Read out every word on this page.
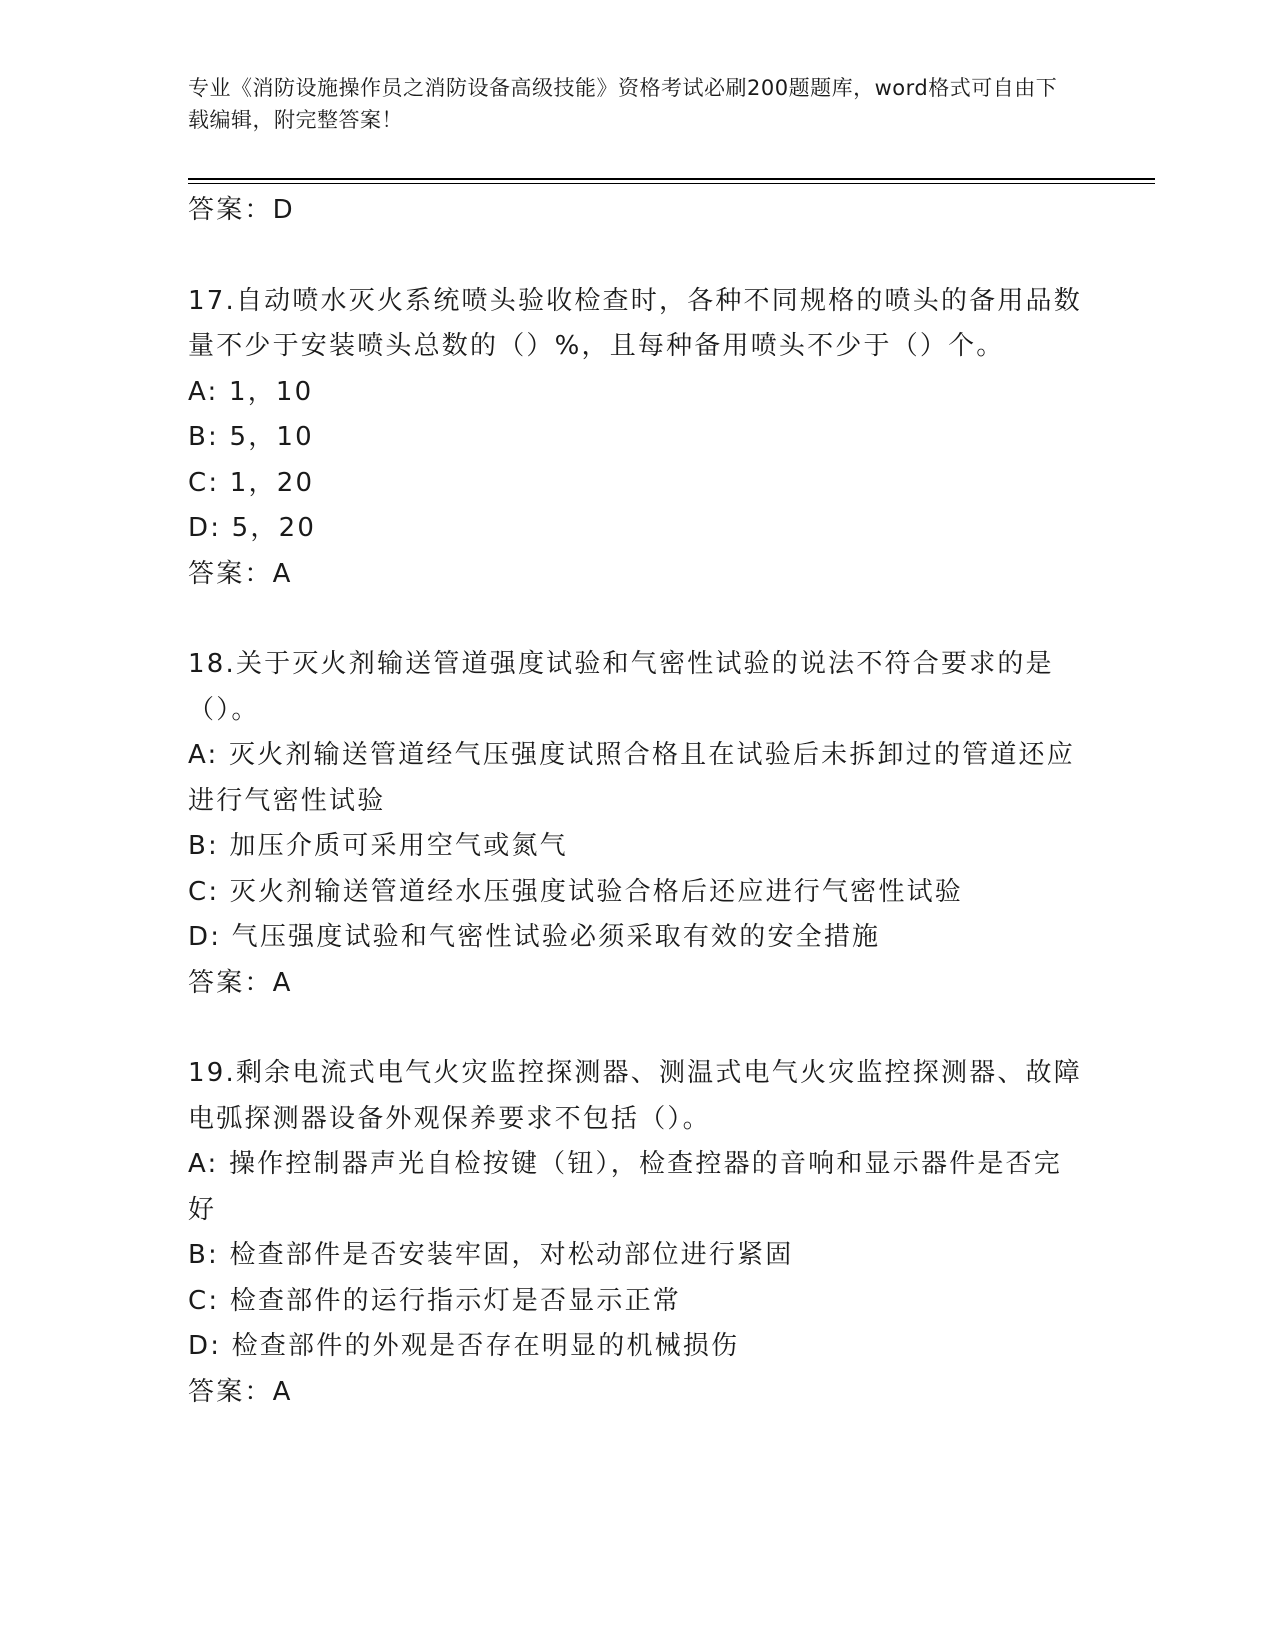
专业《消防设施操作员之消防设备高级技能》资格考试必刷200题题库，word格式可自由下载编辑，附完整答案！
答案：D
17.自动喷水灭火系统喷头验收检查时，各种不同规格的喷头的备用品数量不少于安装喷头总数的（）%，且每种备用喷头不少于（）个。
A: 1，10
B: 5，10
C: 1，20
D: 5，20
答案：A
18.关于灭火剂输送管道强度试验和气密性试验的说法不符合要求的是（）。
A: 灭火剂输送管道经气压强度试照合格且在试验后未拆卸过的管道还应进行气密性试验
B: 加压介质可采用空气或氮气
C: 灭火剂输送管道经水压强度试验合格后还应进行气密性试验
D: 气压强度试验和气密性试验必须采取有效的安全措施
答案：A
19.剩余电流式电气火灾监控探测器、测温式电气火灾监控探测器、故障电弧探测器设备外观保养要求不包括（）。
A: 操作控制器声光自检按键（钮），检查控器的音响和显示器件是否完好
B: 检查部件是否安装牢固，对松动部位进行紧固
C: 检查部件的运行指示灯是否显示正常
D: 检查部件的外观是否存在明显的机械损伤
答案：A
